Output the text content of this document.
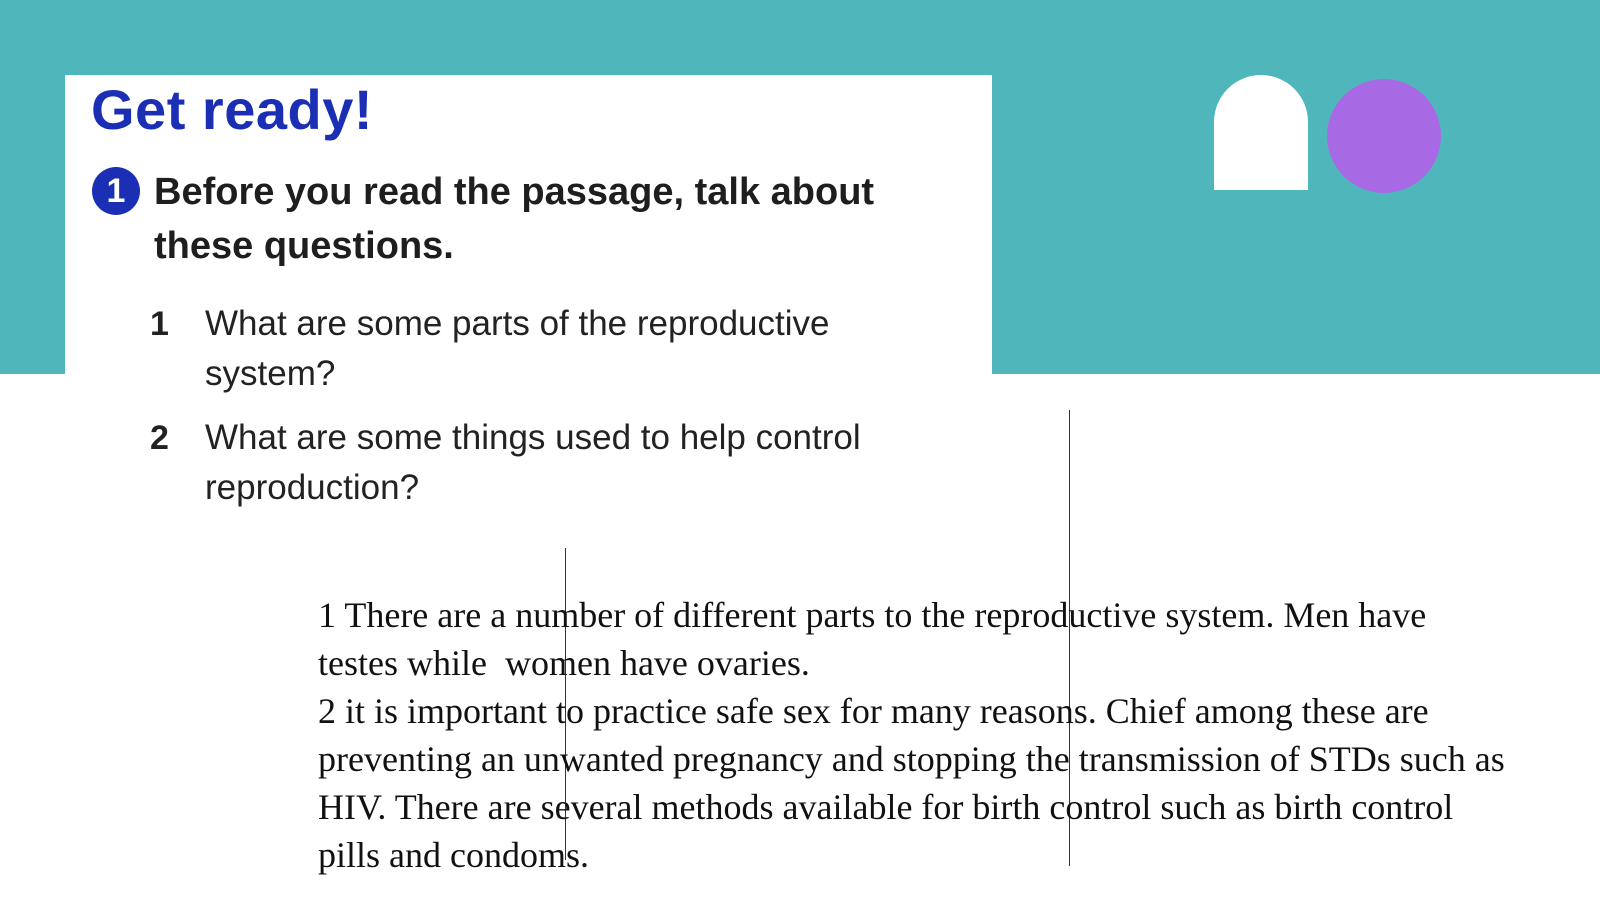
Get ready!
1 Before you read the passage, talk about these questions.
1 What are some parts of the reproductive system?
2 What are some things used to help control reproduction?

1 There are a number of different parts to the reproductive system. Men have testes while  women have ovaries.

2 it is important to practice safe sex for many reasons. Chief among these are preventing an unwanted pregnancy and stopping the transmission of STDs such as HIV. There are several methods available for birth control such as birth control pills and condoms.
